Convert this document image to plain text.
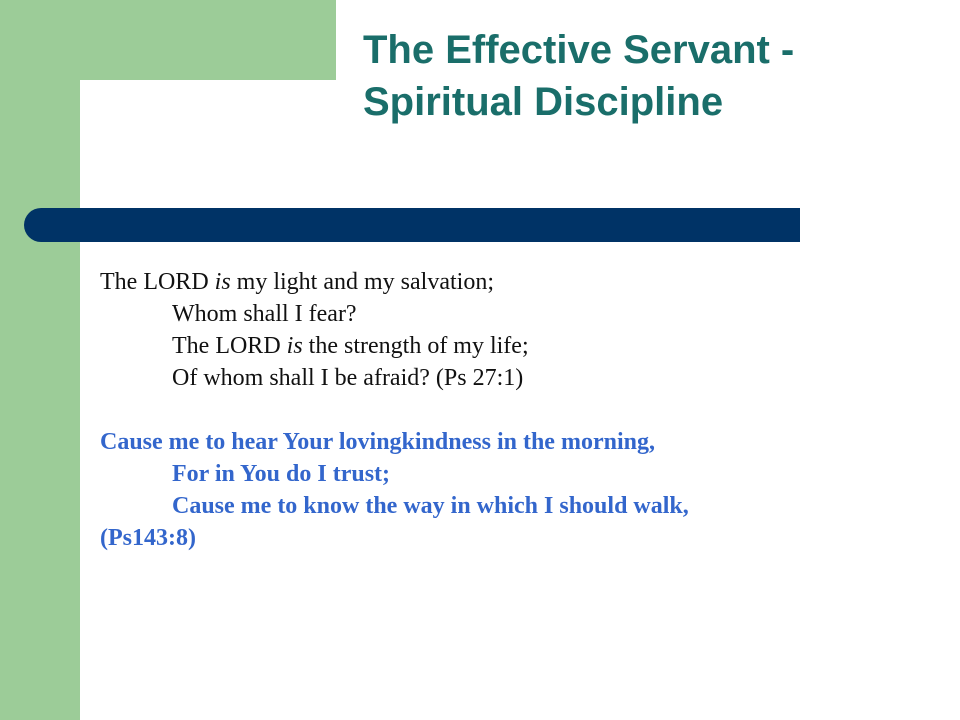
The Effective Servant -
Spiritual Discipline
The LORD is my light and my salvation;
Whom shall I fear?
The LORD is the strength of my life;
Of whom shall I be afraid? (Ps 27:1)
Cause me to hear Your lovingkindness in the morning,
For in You do I trust;
Cause me to know the way in which I should walk,
(Ps143:8)
